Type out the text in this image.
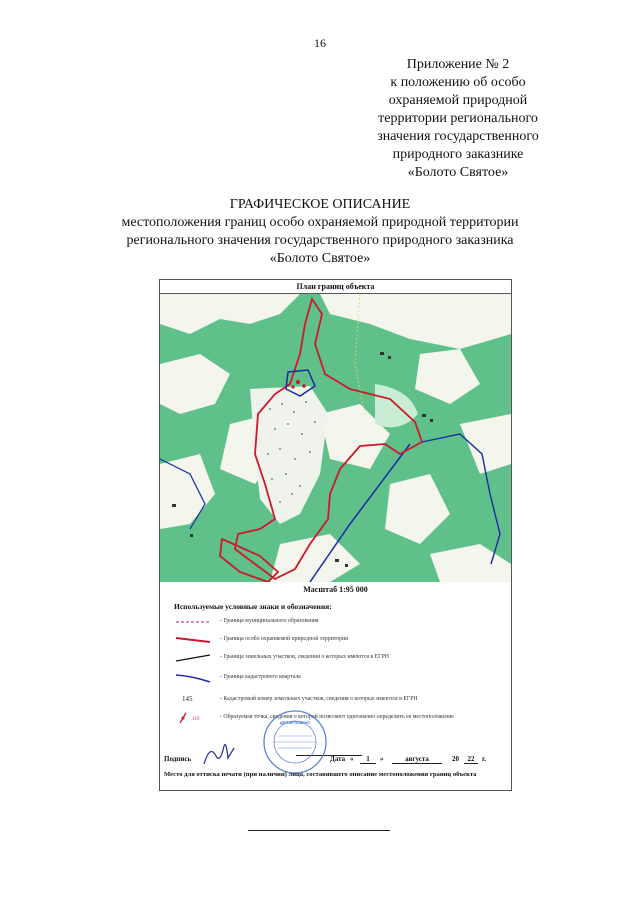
16
Приложение № 2
к положению об особо
охраняемой природной
территории регионального
значения государственного
природного заказнике
«Болото Святое»
ГРАФИЧЕСКОЕ ОПИСАНИЕ
местоположения границ особо охраняемой природной территории
регионального значения государственного природного заказника
«Болото Святое»
План границ объекта
Масштаб 1:95 000
Используемые условные знаки и обозначения:
- Граница муниципального образования
- Граница особо охраняемой природной территории
- Граница земельных участков, сведения о которых имеются в ЕГРН
- Граница кадастрового квартала
145	- Кадастровый номер земельных участков, сведения о которых имеются в ЕГРН
119	- Образуемая точка, сведения о которой позволяют однозначно определить ее местоположение
Подпись
ДЕПАРТАМЕНТ
Дата «	1	»	августа	20	22	г.
Место для оттиска печати (при наличии) лица, составившего описание местоположения границ объекта
